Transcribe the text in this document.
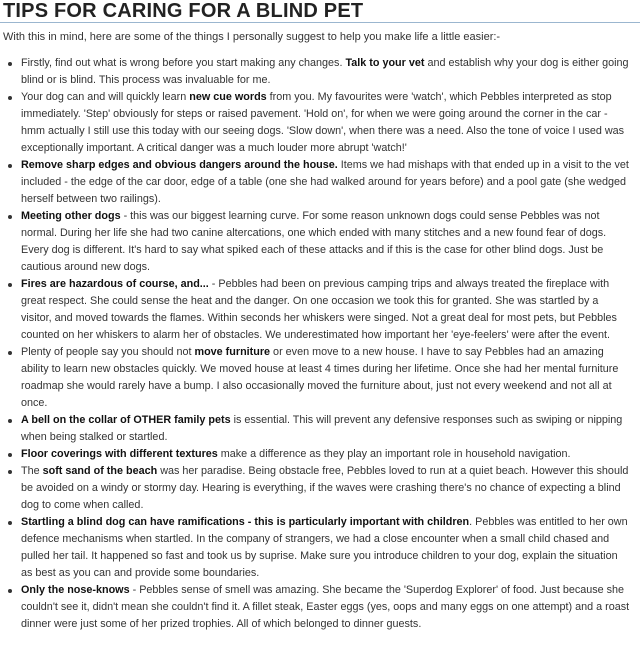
TIPS FOR CARING FOR A BLIND PET

With this in mind, here are some of the things I personally suggest to help you make life a little easier:-

Firstly, find out what is wrong before you start making any changes. Talk to your vet and establish why your dog is either going blind or is blind. This process was invaluable for me.
Your dog can and will quickly learn new cue words from you. My favourites were 'watch', which Pebbles interpreted as stop immediately. 'Step' obviously for steps or raised pavement. 'Hold on', for when we were going around the corner in the car - hmm actually I still use this today with our seeing dogs. 'Slow down', when there was a need. Also the tone of voice I used was exceptionally important. A critical danger was a much louder more abrupt 'watch!'
Remove sharp edges and obvious dangers around the house. Items we had mishaps with that ended up in a visit to the vet included - the edge of the car door, edge of a table (one she had walked around for years before) and a pool gate (she wedged herself between two railings).
Meeting other dogs - this was our biggest learning curve. For some reason unknown dogs could sense Pebbles was not normal. During her life she had two canine altercations, one which ended with many stitches and a new found fear of dogs. Every dog is different. It's hard to say what spiked each of these attacks and if this is the case for other blind dogs. Just be cautious around new dogs.
Fires are hazardous of course, and... - Pebbles had been on previous camping trips and always treated the fireplace with great respect. She could sense the heat and the danger. On one occasion we took this for granted. She was startled by a visitor, and moved towards the flames. Within seconds her whiskers were singed. Not a great deal for most pets, but Pebbles counted on her whiskers to alarm her of obstacles. We underestimated how important her 'eye-feelers' were after the event.
Plenty of people say you should not move furniture or even move to a new house. I have to say Pebbles had an amazing ability to learn new obstacles quickly. We moved house at least 4 times during her lifetime. Once she had her mental furniture roadmap she would rarely have a bump. I also occasionally moved the furniture about, just not every weekend and not all at once.
A bell on the collar of OTHER family pets is essential. This will prevent any defensive responses such as swiping or nipping when being stalked or startled.
Floor coverings with different textures make a difference as they play an important role in household navigation.
The soft sand of the beach was her paradise. Being obstacle free, Pebbles loved to run at a quiet beach. However this should be avoided on a windy or stormy day. Hearing is everything, if the waves were crashing there's no chance of expecting a blind dog to come when called.
Startling a blind dog can have ramifications - this is particularly important with children. Pebbles was entitled to her own defence mechanisms when startled. In the company of strangers, we had a close encounter when a small child chased and pulled her tail. It happened so fast and took us by suprise. Make sure you introduce children to your dog, explain the situation as best as you can and provide some boundaries.
Only the nose-knows - Pebbles sense of smell was amazing. She became the 'Superdog Explorer' of food. Just because she couldn't see it, didn't mean she couldn't find it. A fillet steak, Easter eggs (yes, oops and many eggs on one attempt) and a roast dinner were just some of her prized trophies. All of which belonged to dinner guests.
